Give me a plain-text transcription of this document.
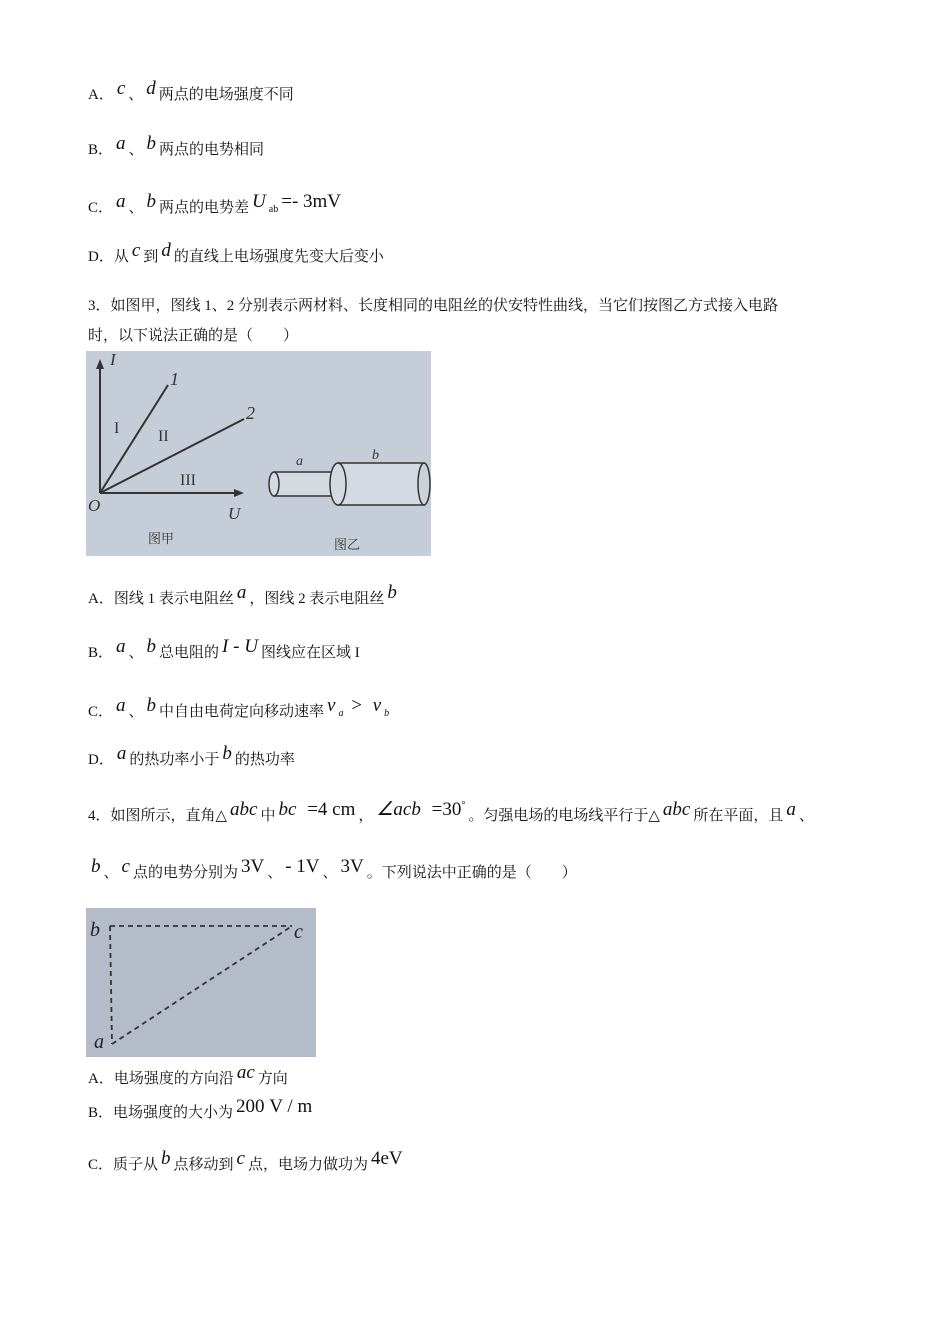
A． c 、 d 两点的电场强度不同
B． a 、 b 两点的电势相同
C． a 、 b 两点的电势差 U ab =- 3mV
D．从 c 到 d 的直线上电场强度先变大后变小
3．如图甲，图线 1、2 分别表示两材料、长度相同的电阻丝的伏安特性曲线，当它们按图乙方式接入电路
时，以下说法正确的是（　　）
I
U
O
1
2
I II
III
a	b
图甲	图乙
A．图线 1 表示电阻丝 a ，图线 2 表示电阻丝 b
B． a 、 b 总电阻的 I - U 图线应在区域 I
C． a 、 b 中自由电荷定向移动速率 v a > v b
D． a 的热功率小于 b 的热功率
4．如图所示，直角△ abc 中 bc =4 cm ， ∠acb =30°。匀强电场的电场线平行于△ abc 所在平面，且 a 、
b 、 c 点的电势分别为 3V 、 - 1V 、 3V 。下列说法中正确的是（　　）
b	c
a
A．电场强度的方向沿 ac 方向
B．电场强度的大小为 200 V / m
C．质子从 b 点移动到 c 点，电场力做功为 4eV
